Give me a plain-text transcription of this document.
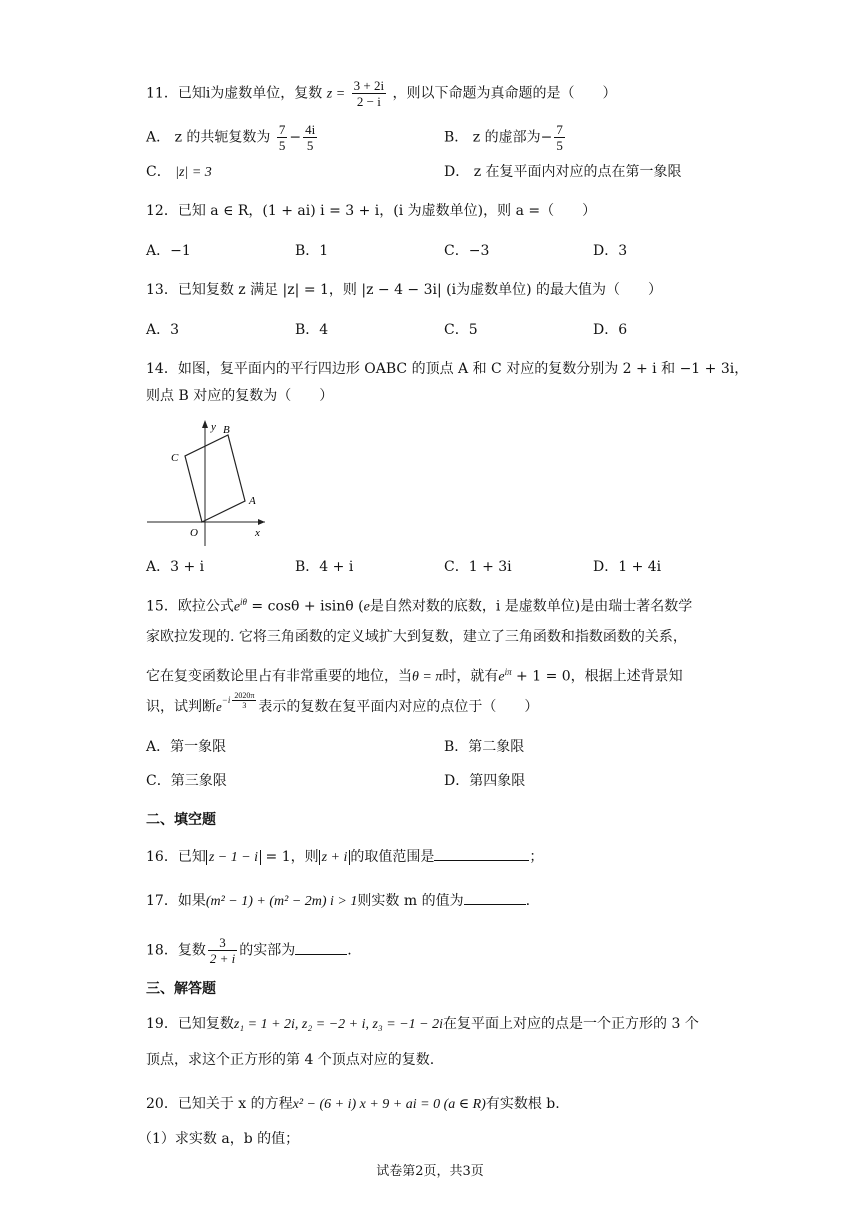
11．已知i为虚数单位，复数 $z = \frac{3 + 2i}{2 - i}$ ，则以下命题为真命题的是（　　）
A． z 的共轭复数为 $\frac{7}{5} - \frac{4i}{5}$	B． z 的虚部为− $\frac{7}{5}$
C． |z| = 3	D． z 在复平面内对应的点在第一象限
12．已知 a ∈ R，(1 + ai) i = 3 + i，(i 为虚数单位)，则 a =（　　）
A．−1	B．1	C．−3	D．3
13．已知复数 z 满足 |z| = 1，则 |z − 4 − 3i| (i为虚数单位) 的最大值为（　　）
A．3	B．4	C．5	D．6
14．如图，复平面内的平行四边形 OABC 的顶点 A 和 C 对应的复数分别为 2 + i 和 −1 + 3i，
则点 B 对应的复数为（　　）
y
x
O
A
B
C
A．3 + i	B．4 + i	C．1 + 3i	D．1 + 4i
15．欧拉公式$e^{i\theta} = \cos\theta + isin\theta$ (e是自然对数的底数，i 是虚数单位)是由瑞士著名数学
家欧拉发现的. 它将三角函数的定义域扩大到复数，建立了三角函数和指数函数的关系，
它在复变函数论里占有非常重要的地位，当θ = π时，就有$e^{i\pi} + 1 = 0$，根据上述背景知
识，试判断$e^{-i \frac{2020\pi}{3}}$ 表示的复数在复平面内对应的点位于（　　）
A．第一象限	B．第二象限
C．第三象限	D．第四象限
二、填空题
16．已知 z − 1 − i = 1，则 z + i 的取值范围是	；
17．如果(m² − 1) + (m² − 2m) i > 1则实数 m 的值为	.
18．复数 $\frac{3}{2 + i}$ 的实部为	.
三、解答题
19．已知复数z₁ = 1 + 2i, z₂ = −2 + i, z₃ = −1 − 2i在复平面上对应的点是一个正方形的 3 个
顶点，求这个正方形的第 4 个顶点对应的复数.
20．已知关于 x 的方程x² − (6 + i) x + 9 + ai = 0 (a ∈ R)有实数根 b.
（1）求实数 a，b 的值；
试卷第2页，共3页
